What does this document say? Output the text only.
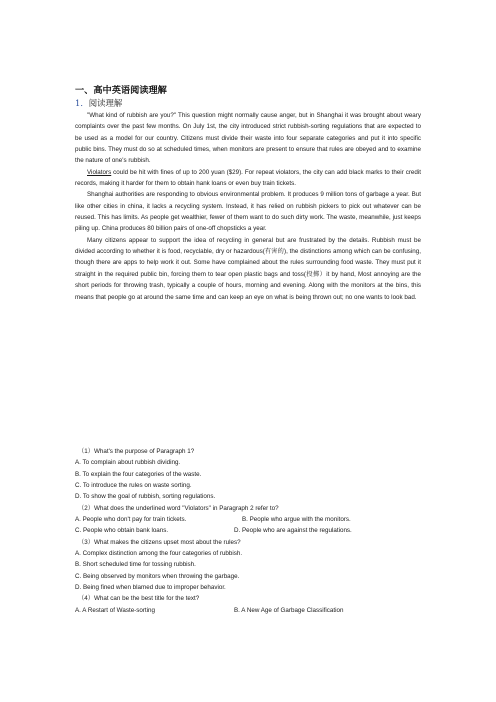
一、高中英语阅读理解
1．阅读理解

"What kind of rubbish are you?" This question might normally cause anger, but in Shanghai it was brought about weary complaints over the past few months. On July 1st, the city introduced strict rubbish-sorting regulations that are expected to be used as a model for our country. Citizens must divide their waste into four separate categories and put it into specific public bins. They must do so at scheduled times, when monitors are present to ensure that rules are obeyed and to examine the nature of one's rubbish.

Violators could be hit with fines of up to 200 yuan ($29). For repeat violators, the city can add black marks to their credit records, making it harder for them to obtain hank loans or even buy train tickets.

Shanghai authorities are responding to obvious environmental problem. It produces 9 million tons of garbage a year. But like other cities in china, it lacks a recycling system. Instead, it has relied on rubbish pickers to pick out whatever can be reused. This has limits. As people get wealthier, fewer of them want to do such dirty work. The waste, meanwhile, just keeps piling up. China produces 80 billion pairs of one-off chopsticks a year.

Many citizens appear to support the idea of recycling in general but are frustrated by the details. Rubbish must be divided according to whether it is food, recyclable, dry or hazardous(有害的), the distinctions among which can be confusing, though there are apps to help work it out. Some have complained about the rules surrounding food waste. They must put it straight in the required public bin, forcing them to tear open plastic bags and toss(投掷）it by hand, Most annoying are the short periods for throwing trash, typically a couple of hours, morning and evening. Along with the monitors at the bins, this means that people go at around the same time and can keep an eye on what is being thrown out; no one wants to look bad.

（1）What's the purpose of Paragraph 1?
A. To complain about rubbish dividing.
B. To explain the four categories of the waste.
C. To introduce the rules on waste sorting.
D. To show the goal of rubbish, sorting regulations.
（2）What does the underlined word "Violators" in Paragraph 2 refer to?
A. People who don't pay for train tickets.	B. People who argue with the monitors.
C. People who obtain bank loans.	D. People who are against the regulations.
（3）What makes the citizens upset most about the rules?
A. Complex distinction among the four categories of rubbish.
B. Short scheduled time for tossing rubbish.
C. Being observed by monitors when throwing the garbage.
D. Being fined when blamed due to improper behavior.
（4）What can be the best title for the text?
A. A Restart of Waste-sorting	B. A New Age of Garbage Classification
